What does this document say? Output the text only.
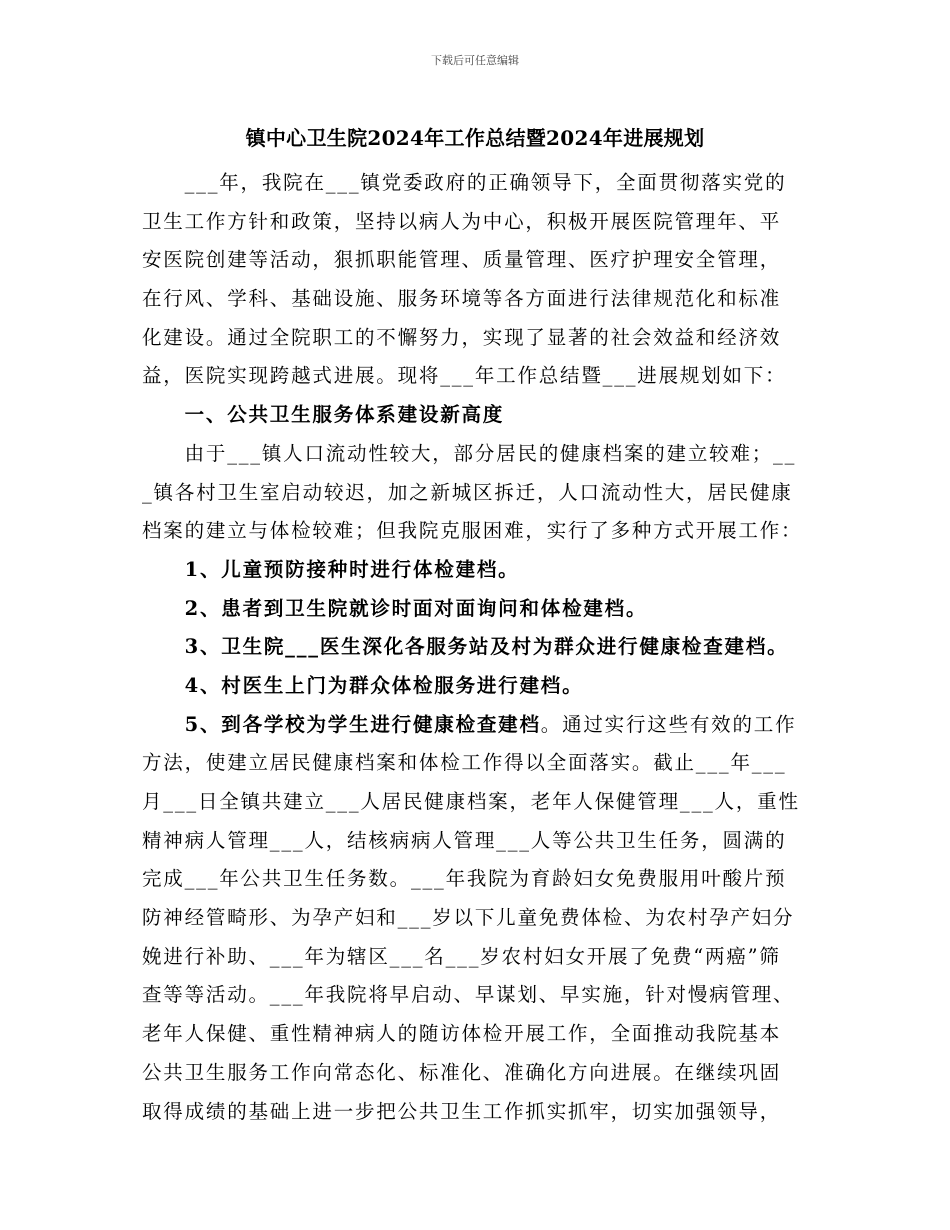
下载后可任意编辑
镇中心卫生院2024年工作总结暨2024年进展规划
　　___年，我院在___镇党委政府的正确领导下，全面贯彻落实党的
卫生工作方针和政策，坚持以病人为中心，积极开展医院管理年、平
安医院创建等活动，狠抓职能管理、质量管理、医疗护理安全管理，
在行风、学科、基础设施、服务环境等各方面进行法律规范化和标准
化建设。通过全院职工的不懈努力，实现了显著的社会效益和经济效
益，医院实现跨越式进展。现将___年工作总结暨___进展规划如下：
　　一、公共卫生服务体系建设新高度
　　由于___镇人口流动性较大，部分居民的健康档案的建立较难；__
_镇各村卫生室启动较迟，加之新城区拆迁，人口流动性大，居民健康
档案的建立与体检较难；但我院克服困难，实行了多种方式开展工作：
　　1、儿童预防接种时进行体检建档。
　　2、患者到卫生院就诊时面对面询问和体检建档。
　　3、卫生院___医生深化各服务站及村为群众进行健康检查建档。
　　4、村医生上门为群众体检服务进行建档。
　　5、到各学校为学生进行健康检查建档。通过实行这些有效的工作
方法，使建立居民健康档案和体检工作得以全面落实。截止___年___
月___日全镇共建立___人居民健康档案，老年人保健管理___人，重性
精神病人管理___人，结核病病人管理___人等公共卫生任务，圆满的
完成___年公共卫生任务数。___年我院为育龄妇女免费服用叶酸片预
防神经管畸形、为孕产妇和___岁以下儿童免费体检、为农村孕产妇分
娩进行补助、___年为辖区___名___岁农村妇女开展了免费“两癌”筛
查等等活动。___年我院将早启动、早谋划、早实施，针对慢病管理、
老年人保健、重性精神病人的随访体检开展工作，全面推动我院基本
公共卫生服务工作向常态化、标准化、准确化方向进展。在继续巩固
取得成绩的基础上进一步把公共卫生工作抓实抓牢，切实加强领导，
